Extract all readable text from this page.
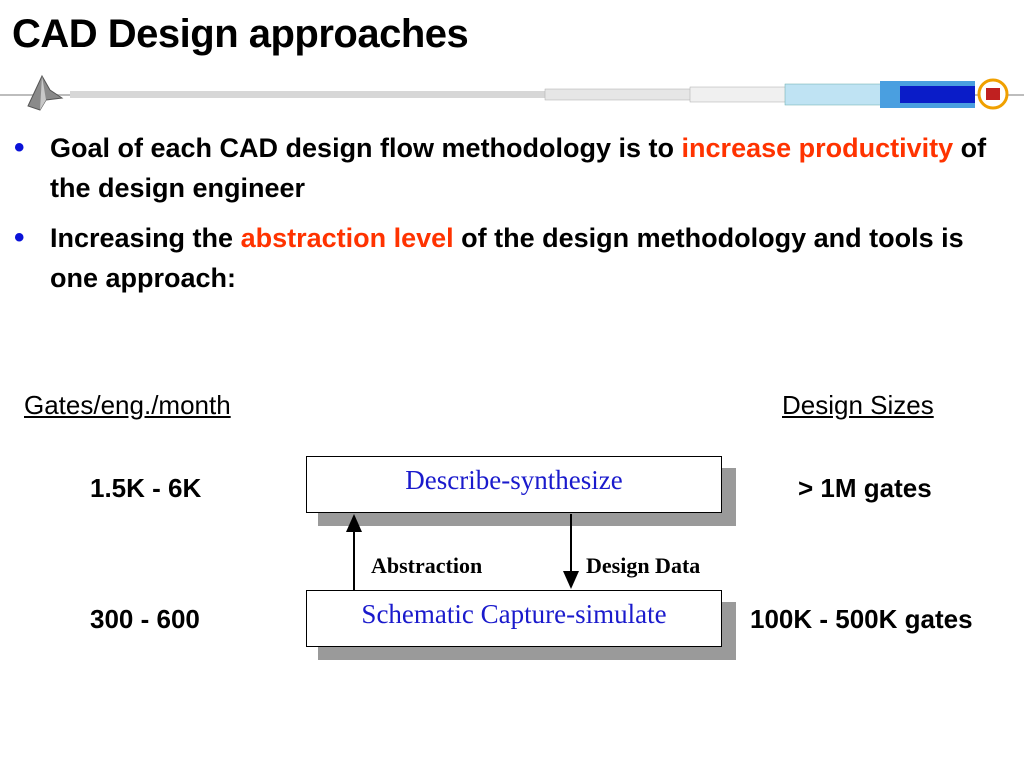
CAD Design approaches
• Goal of each CAD design flow methodology is to increase productivity of the design engineer
• Increasing the abstraction level of the design methodology and tools is one approach:
Gates/eng./month	Design Sizes
1.5K - 6K
300 - 600
> 1M gates
100K - 500K gates
Describe-synthesize
Schematic Capture-simulate
Abstraction	Design Data
